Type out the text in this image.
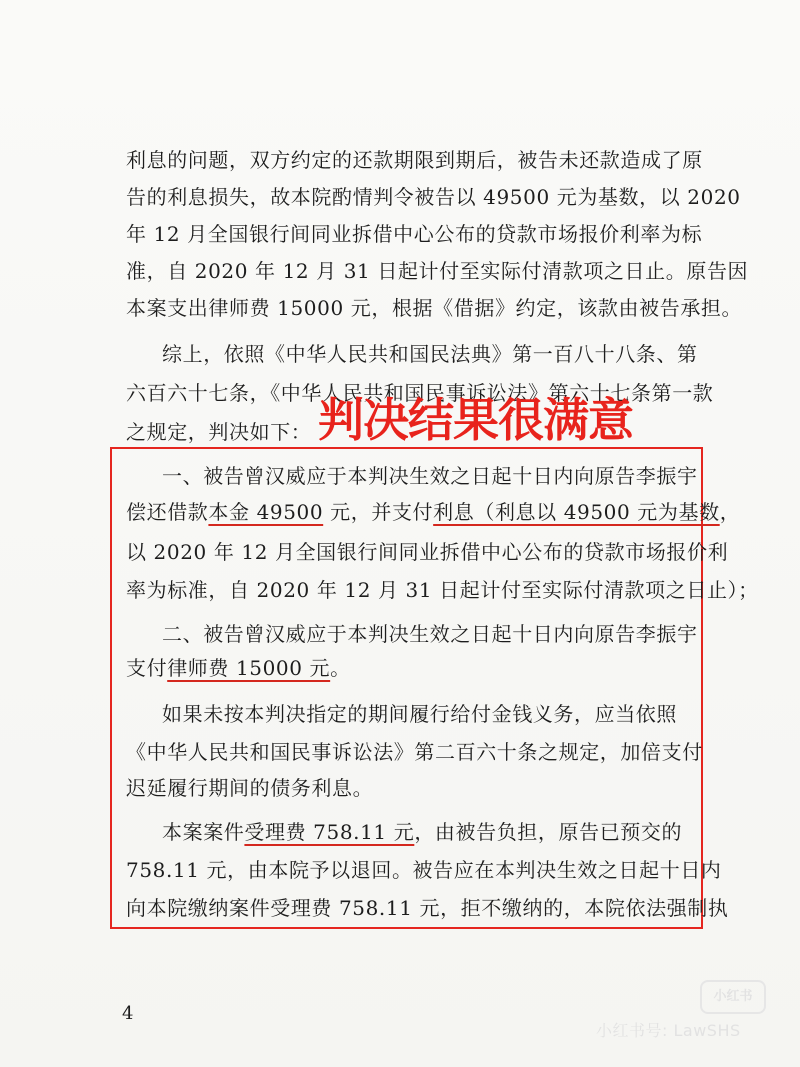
利息的问题，双方约定的还款期限到期后，被告未还款造成了原
告的利息损失，故本院酌情判令被告以 49500 元为基数，以 2020
年 12 月全国银行间同业拆借中心公布的贷款市场报价利率为标
准，自 2020 年 12 月 31 日起计付至实际付清款项之日止。原告因
本案支出律师费 15000 元，根据《借据》约定，该款由被告承担。
综上，依照《中华人民共和国民法典》第一百八十八条、第
六百六十七条，《中华人民共和国民事诉讼法》第六十七条第一款
之规定，判决如下： 判决结果很满意
一、被告曾汉威应于本判决生效之日起十日内向原告李振宇
偿还借款本金 49500 元，并支付利息（利息以 49500 元为基数，
以 2020 年 12 月全国银行间同业拆借中心公布的贷款市场报价利
率为标准，自 2020 年 12 月 31 日起计付至实际付清款项之日止）；
二、被告曾汉威应于本判决生效之日起十日内向原告李振宇
支付律师费 15000 元。
如果未按本判决指定的期间履行给付金钱义务，应当依照
《中华人民共和国民事诉讼法》第二百六十条之规定，加倍支付
迟延履行期间的债务利息。
本案案件受理费 758.11 元，由被告负担，原告已预交的
758.11 元，由本院予以退回。被告应在本判决生效之日起十日内
向本院缴纳案件受理费 758.11 元，拒不缴纳的，本院依法强制执
4
小红书
小红书号: LawSHS
